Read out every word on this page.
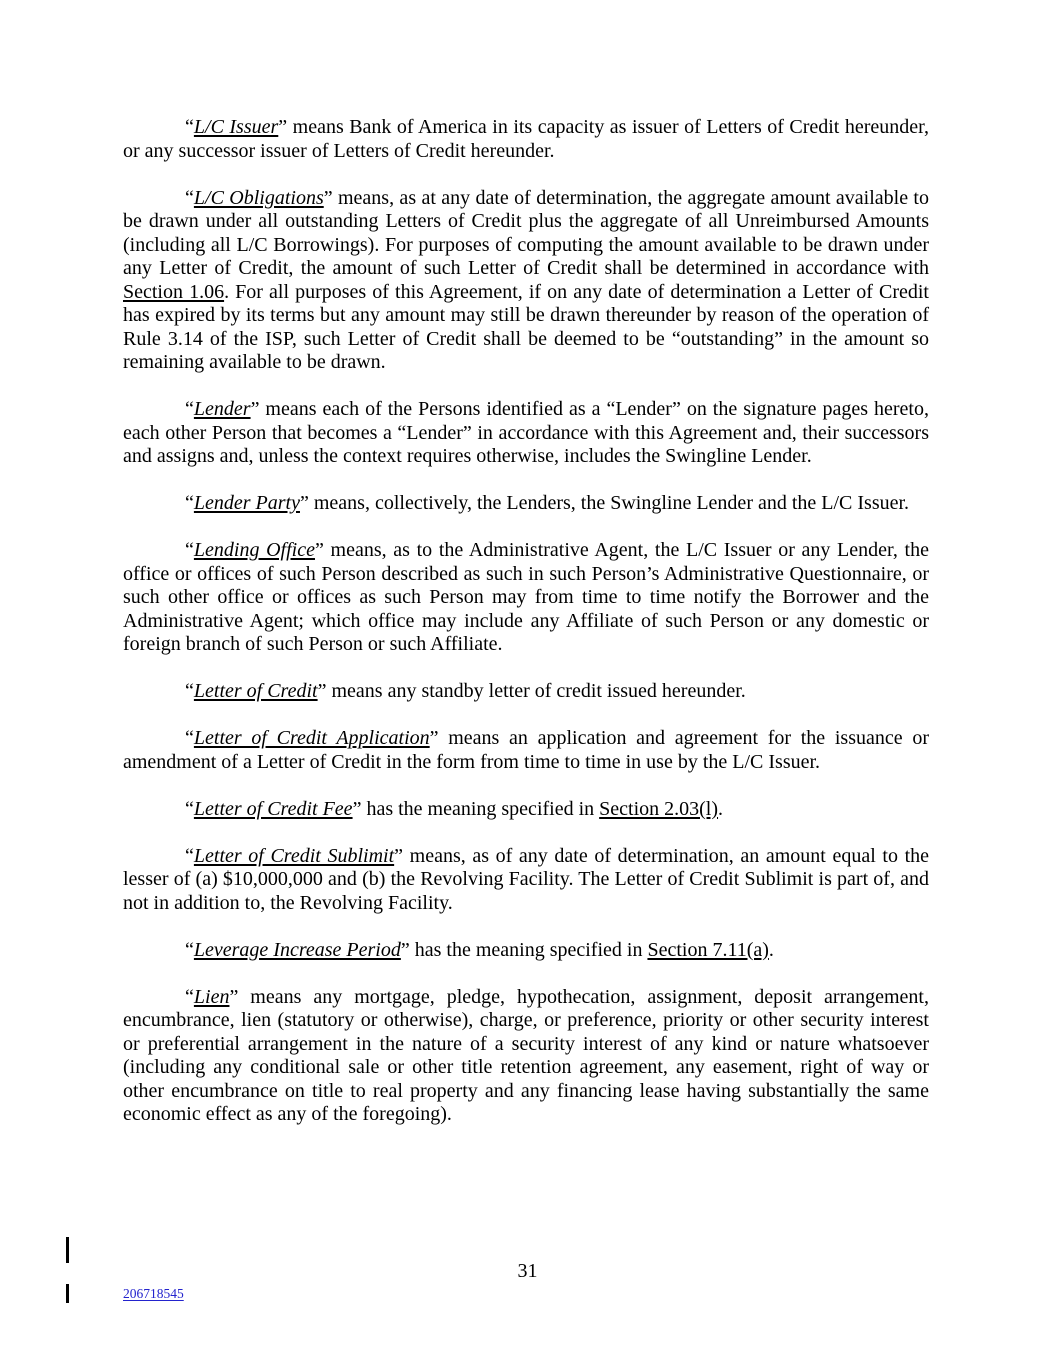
“L/C Issuer” means Bank of America in its capacity as issuer of Letters of Credit hereunder, or any successor issuer of Letters of Credit hereunder.

“L/C Obligations” means, as at any date of determination, the aggregate amount available to be drawn under all outstanding Letters of Credit plus the aggregate of all Unreimbursed Amounts (including all L/C Borrowings). For purposes of computing the amount available to be drawn under any Letter of Credit, the amount of such Letter of Credit shall be determined in accordance with Section 1.06. For all purposes of this Agreement, if on any date of determination a Letter of Credit has expired by its terms but any amount may still be drawn thereunder by reason of the operation of Rule 3.14 of the ISP, such Letter of Credit shall be deemed to be “outstanding” in the amount so remaining available to be drawn.

“Lender” means each of the Persons identified as a “Lender” on the signature pages hereto, each other Person that becomes a “Lender” in accordance with this Agreement and, their successors and assigns and, unless the context requires otherwise, includes the Swingline Lender.

“Lender Party” means, collectively, the Lenders, the Swingline Lender and the L/C Issuer.

“Lending Office” means, as to the Administrative Agent, the L/C Issuer or any Lender, the office or offices of such Person described as such in such Person’s Administrative Questionnaire, or such other office or offices as such Person may from time to time notify the Borrower and the Administrative Agent; which office may include any Affiliate of such Person or any domestic or foreign branch of such Person or such Affiliate.

“Letter of Credit” means any standby letter of credit issued hereunder.

“Letter of Credit Application” means an application and agreement for the issuance or amendment of a Letter of Credit in the form from time to time in use by the L/C Issuer.

“Letter of Credit Fee” has the meaning specified in Section 2.03(l).

“Letter of Credit Sublimit” means, as of any date of determination, an amount equal to the lesser of (a) $10,000,000 and (b) the Revolving Facility. The Letter of Credit Sublimit is part of, and not in addition to, the Revolving Facility.

“Leverage Increase Period” has the meaning specified in Section 7.11(a).

“Lien” means any mortgage, pledge, hypothecation, assignment, deposit arrangement, encumbrance, lien (statutory or otherwise), charge, or preference, priority or other security interest or preferential arrangement in the nature of a security interest of any kind or nature whatsoever (including any conditional sale or other title retention agreement, any easement, right of way or other encumbrance on title to real property and any financing lease having substantially the same economic effect as any of the foregoing).

31
206718545
